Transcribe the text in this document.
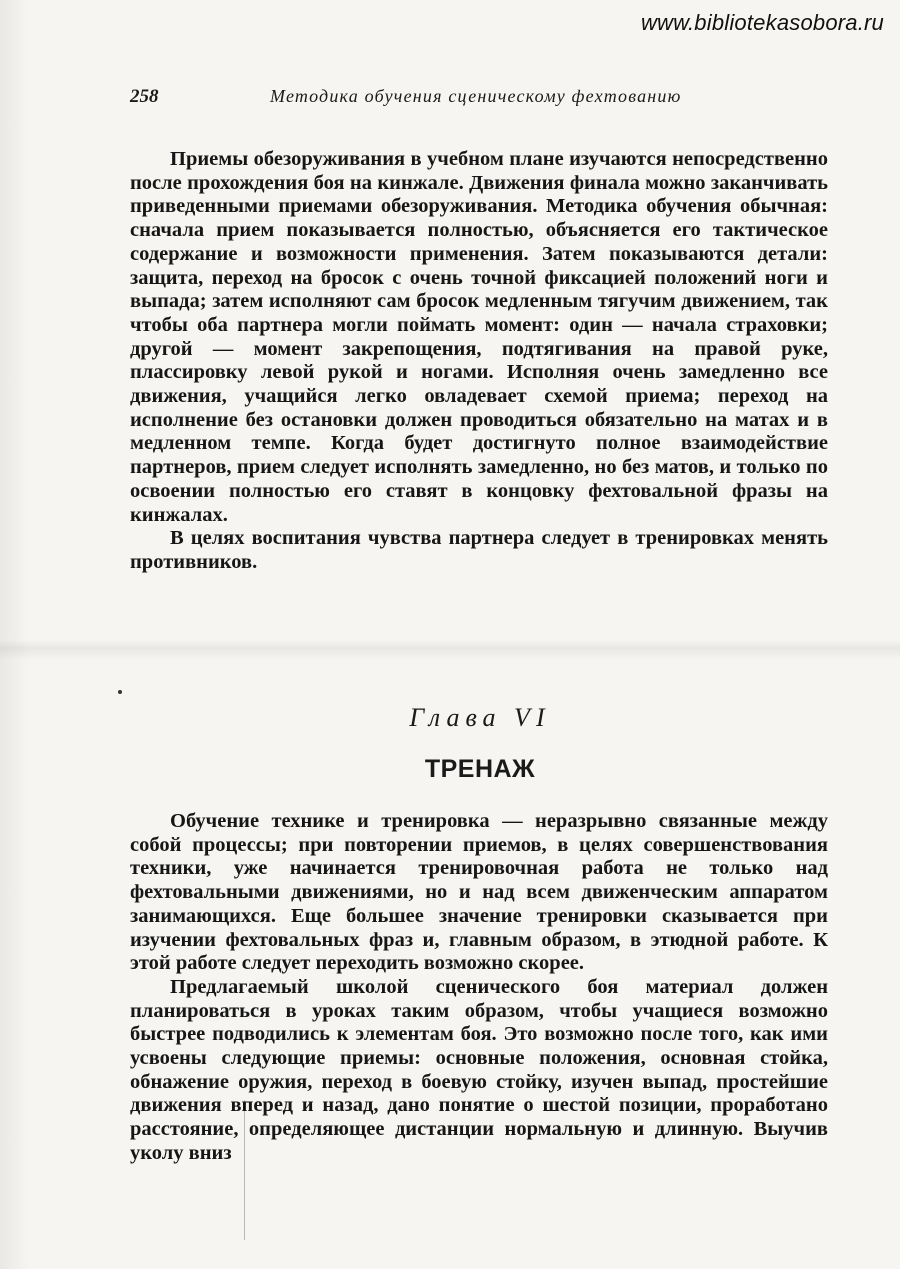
www.bibliotekasobora.ru
258	Методика обучения сценическому фехтованию

Приемы обезоруживания в учебном плане изучаются непосредственно после прохождения боя на кинжале. Движения финала можно заканчивать приведенными приемами обезоруживания. Методика обучения обычная: сначала прием показывается полностью, объясняется его тактическое содержание и возможности применения. Затем показываются детали: защита, переход на бросок с очень точной фиксацией положений ноги и выпада; затем исполняют сам бросок медленным тягучим движением, так чтобы оба партнера могли поймать момент: один — начала страховки; другой — момент закрепощения, подтягивания на правой руке, плассировку левой рукой и ногами. Исполняя очень замедленно все движения, учащийся легко овладевает схемой приема; переход на исполнение без остановки должен проводиться обязательно на матах и в медленном темпе. Когда будет достигнуто полное взаимодействие партнеров, прием следует исполнять замедленно, но без матов, и только по освоении полностью его ставят в концовку фехтовальной фразы на кинжалах.

В целях воспитания чувства партнера следует в тренировках менять противников.

Глава VI
ТРЕНАЖ

Обучение технике и тренировка — неразрывно связанные между собой процессы; при повторении приемов, в целях совершенствования техники, уже начинается тренировочная работа не только над фехтовальными движениями, но и над всем движенческим аппаратом занимающихся. Еще большее значение тренировки сказывается при изучении фехтовальных фраз и, главным образом, в этюдной работе. К этой работе следует переходить возможно скорее.

Предлагаемый школой сценического боя материал должен планироваться в уроках таким образом, чтобы учащиеся возможно быстрее подводились к элементам боя. Это возможно после того, как ими усвоены следующие приемы: основные положения, основная стойка, обнажение оружия, переход в боевую стойку, изучен выпад, простейшие движения вперед и назад, дано понятие о шестой позиции, проработано расстояние, определяющее дистанции нормальную и длинную. Выучив уколу вниз
